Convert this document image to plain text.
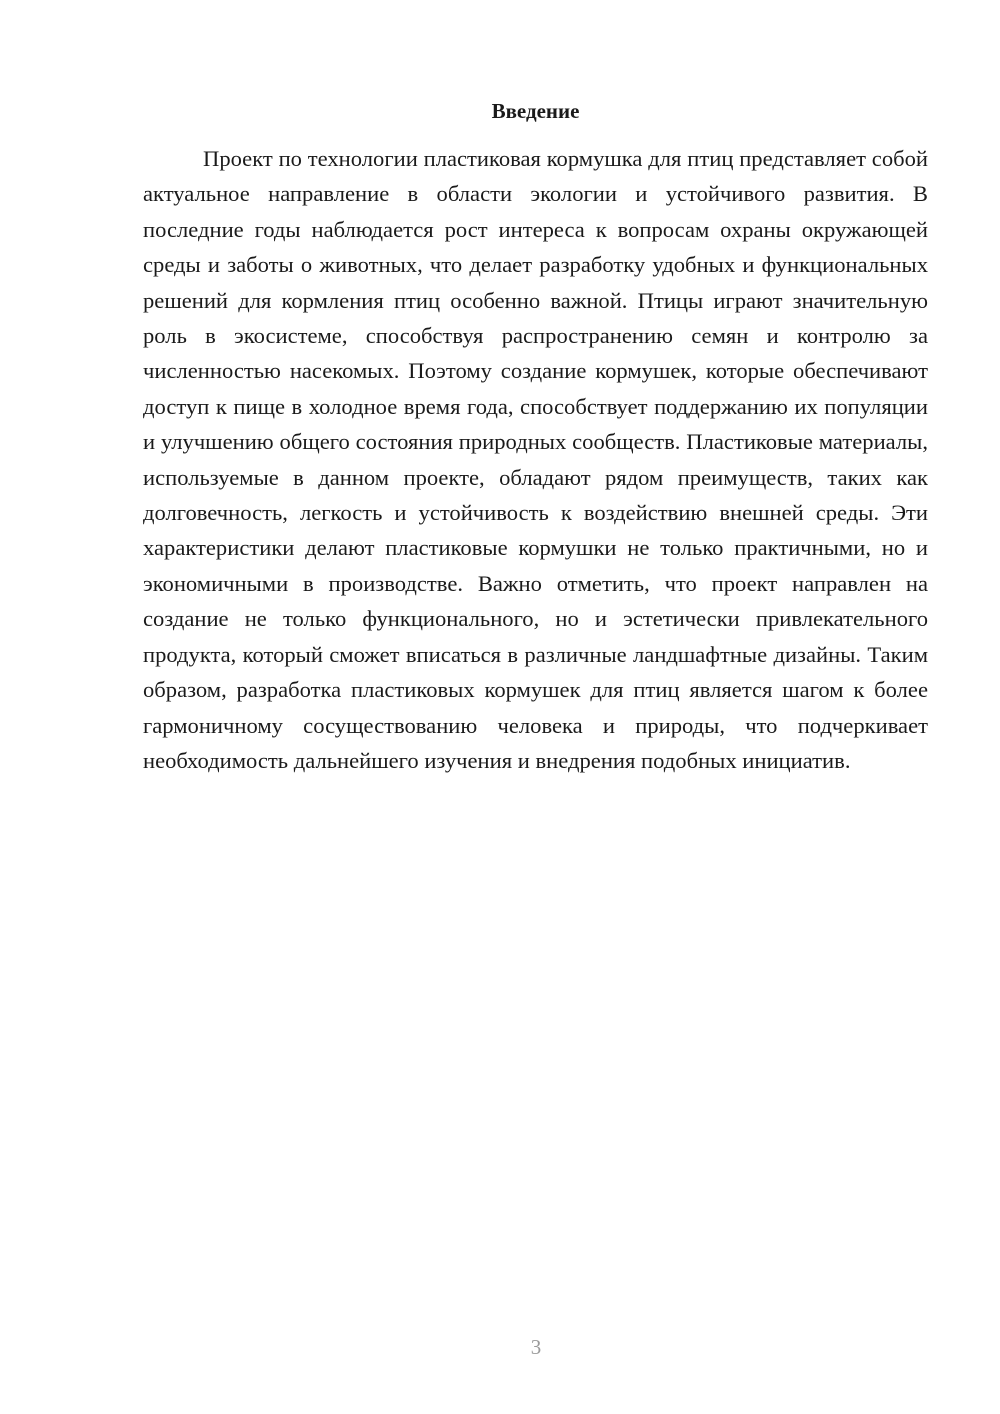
Введение

Проект по технологии пластиковая кормушка для птиц представляет собой актуальное направление в области экологии и устойчивого развития. В последние годы наблюдается рост интереса к вопросам охраны окружающей среды и заботы о животных, что делает разработку удобных и функциональных решений для кормления птиц особенно важной. Птицы играют значительную роль в экосистеме, способствуя распространению семян и контролю за численностью насекомых. Поэтому создание кормушек, которые обеспечивают доступ к пище в холодное время года, способствует поддержанию их популяции и улучшению общего состояния природных сообществ. Пластиковые материалы, используемые в данном проекте, обладают рядом преимуществ, таких как долговечность, легкость и устойчивость к воздействию внешней среды. Эти характеристики делают пластиковые кормушки не только практичными, но и экономичными в производстве. Важно отметить, что проект направлен на создание не только функционального, но и эстетически привлекательного продукта, который сможет вписаться в различные ландшафтные дизайны. Таким образом, разработка пластиковых кормушек для птиц является шагом к более гармоничному сосуществованию человека и природы, что подчеркивает необходимость дальнейшего изучения и внедрения подобных инициатив.

3
